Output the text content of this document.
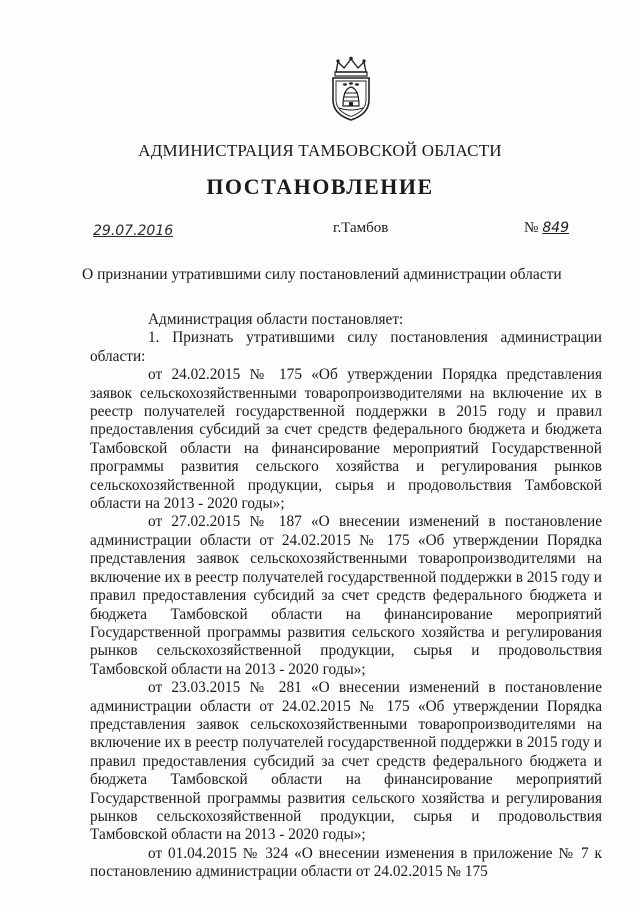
АДМИНИСТРАЦИЯ ТАМБОВСКОЙ ОБЛАСТИ
ПОСТАНОВЛЕНИЕ
29.07.2016	г.Тамбов	№ 849
О признании утратившими силу постановлений администрации области

Администрация области постановляет:

1. Признать утратившими силу постановления администрации области:

от 24.02.2015 № 175 «Об утверждении Порядка представления заявок сельскохозяйственными товаропроизводителями на включение их в реестр получателей государственной поддержки в 2015 году и правил предоставления субсидий за счет средств федерального бюджета и бюджета Тамбовской области на финансирование мероприятий Государственной программы развития сельского хозяйства и регулирования рынков сельскохозяйственной продукции, сырья и продовольствия Тамбовской области на 2013 - 2020 годы»;

от 27.02.2015 № 187 «О внесении изменений в постановление администрации области от 24.02.2015 № 175 «Об утверждении Порядка представления заявок сельскохозяйственными товаропроизводителями на включение их в реестр получателей государственной поддержки в 2015 году и правил предоставления субсидий за счет средств федерального бюджета и бюджета Тамбовской области на финансирование мероприятий Государственной программы развития сельского хозяйства и регулирования рынков сельскохозяйственной продукции, сырья и продовольствия Тамбовской области на 2013 - 2020 годы»;

от 23.03.2015 № 281 «О внесении изменений в постановление администрации области от 24.02.2015 № 175 «Об утверждении Порядка представления заявок сельскохозяйственными товаропроизводителями на включение их в реестр получателей государственной поддержки в 2015 году и правил предоставления субсидий за счет средств федерального бюджета и бюджета Тамбовской области на финансирование мероприятий Государственной программы развития сельского хозяйства и регулирования рынков сельскохозяйственной продукции, сырья и продовольствия Тамбовской области на 2013 - 2020 годы»;

от 01.04.2015 № 324 «О внесении изменения в приложение № 7 к постановлению администрации области от 24.02.2015 № 175
